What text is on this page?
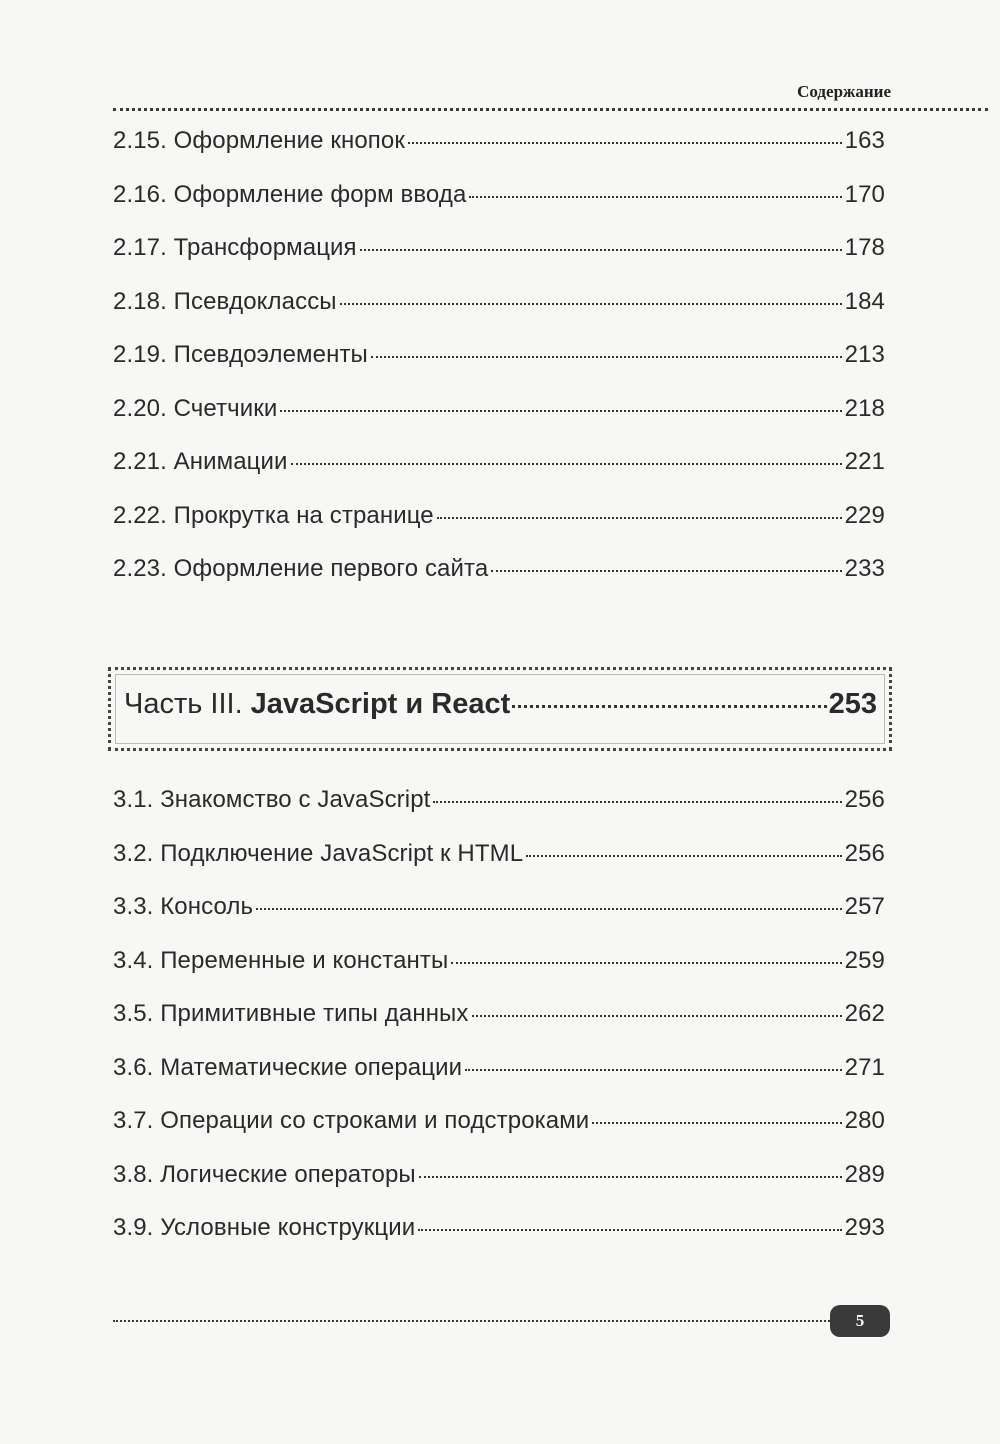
Содержание
2.15. Оформление кнопок	163
2.16. Оформление форм ввода	170
2.17. Трансформация	178
2.18. Псевдоклассы	184
2.19. Псевдоэлементы	213
2.20. Счетчики	218
2.21. Анимации	221
2.22. Прокрутка на странице	229
2.23. Оформление первого сайта	233
Часть III. JavaScript и React	253
3.1. Знакомство с JavaScript	256
3.2. Подключение JavaScript к HTML	256
3.3. Консоль	257
3.4. Переменные и константы	259
3.5. Примитивные типы данных	262
3.6. Математические операции	271
3.7. Операции со строками и подстроками	280
3.8. Логические операторы	289
3.9. Условные конструкции	293
5
